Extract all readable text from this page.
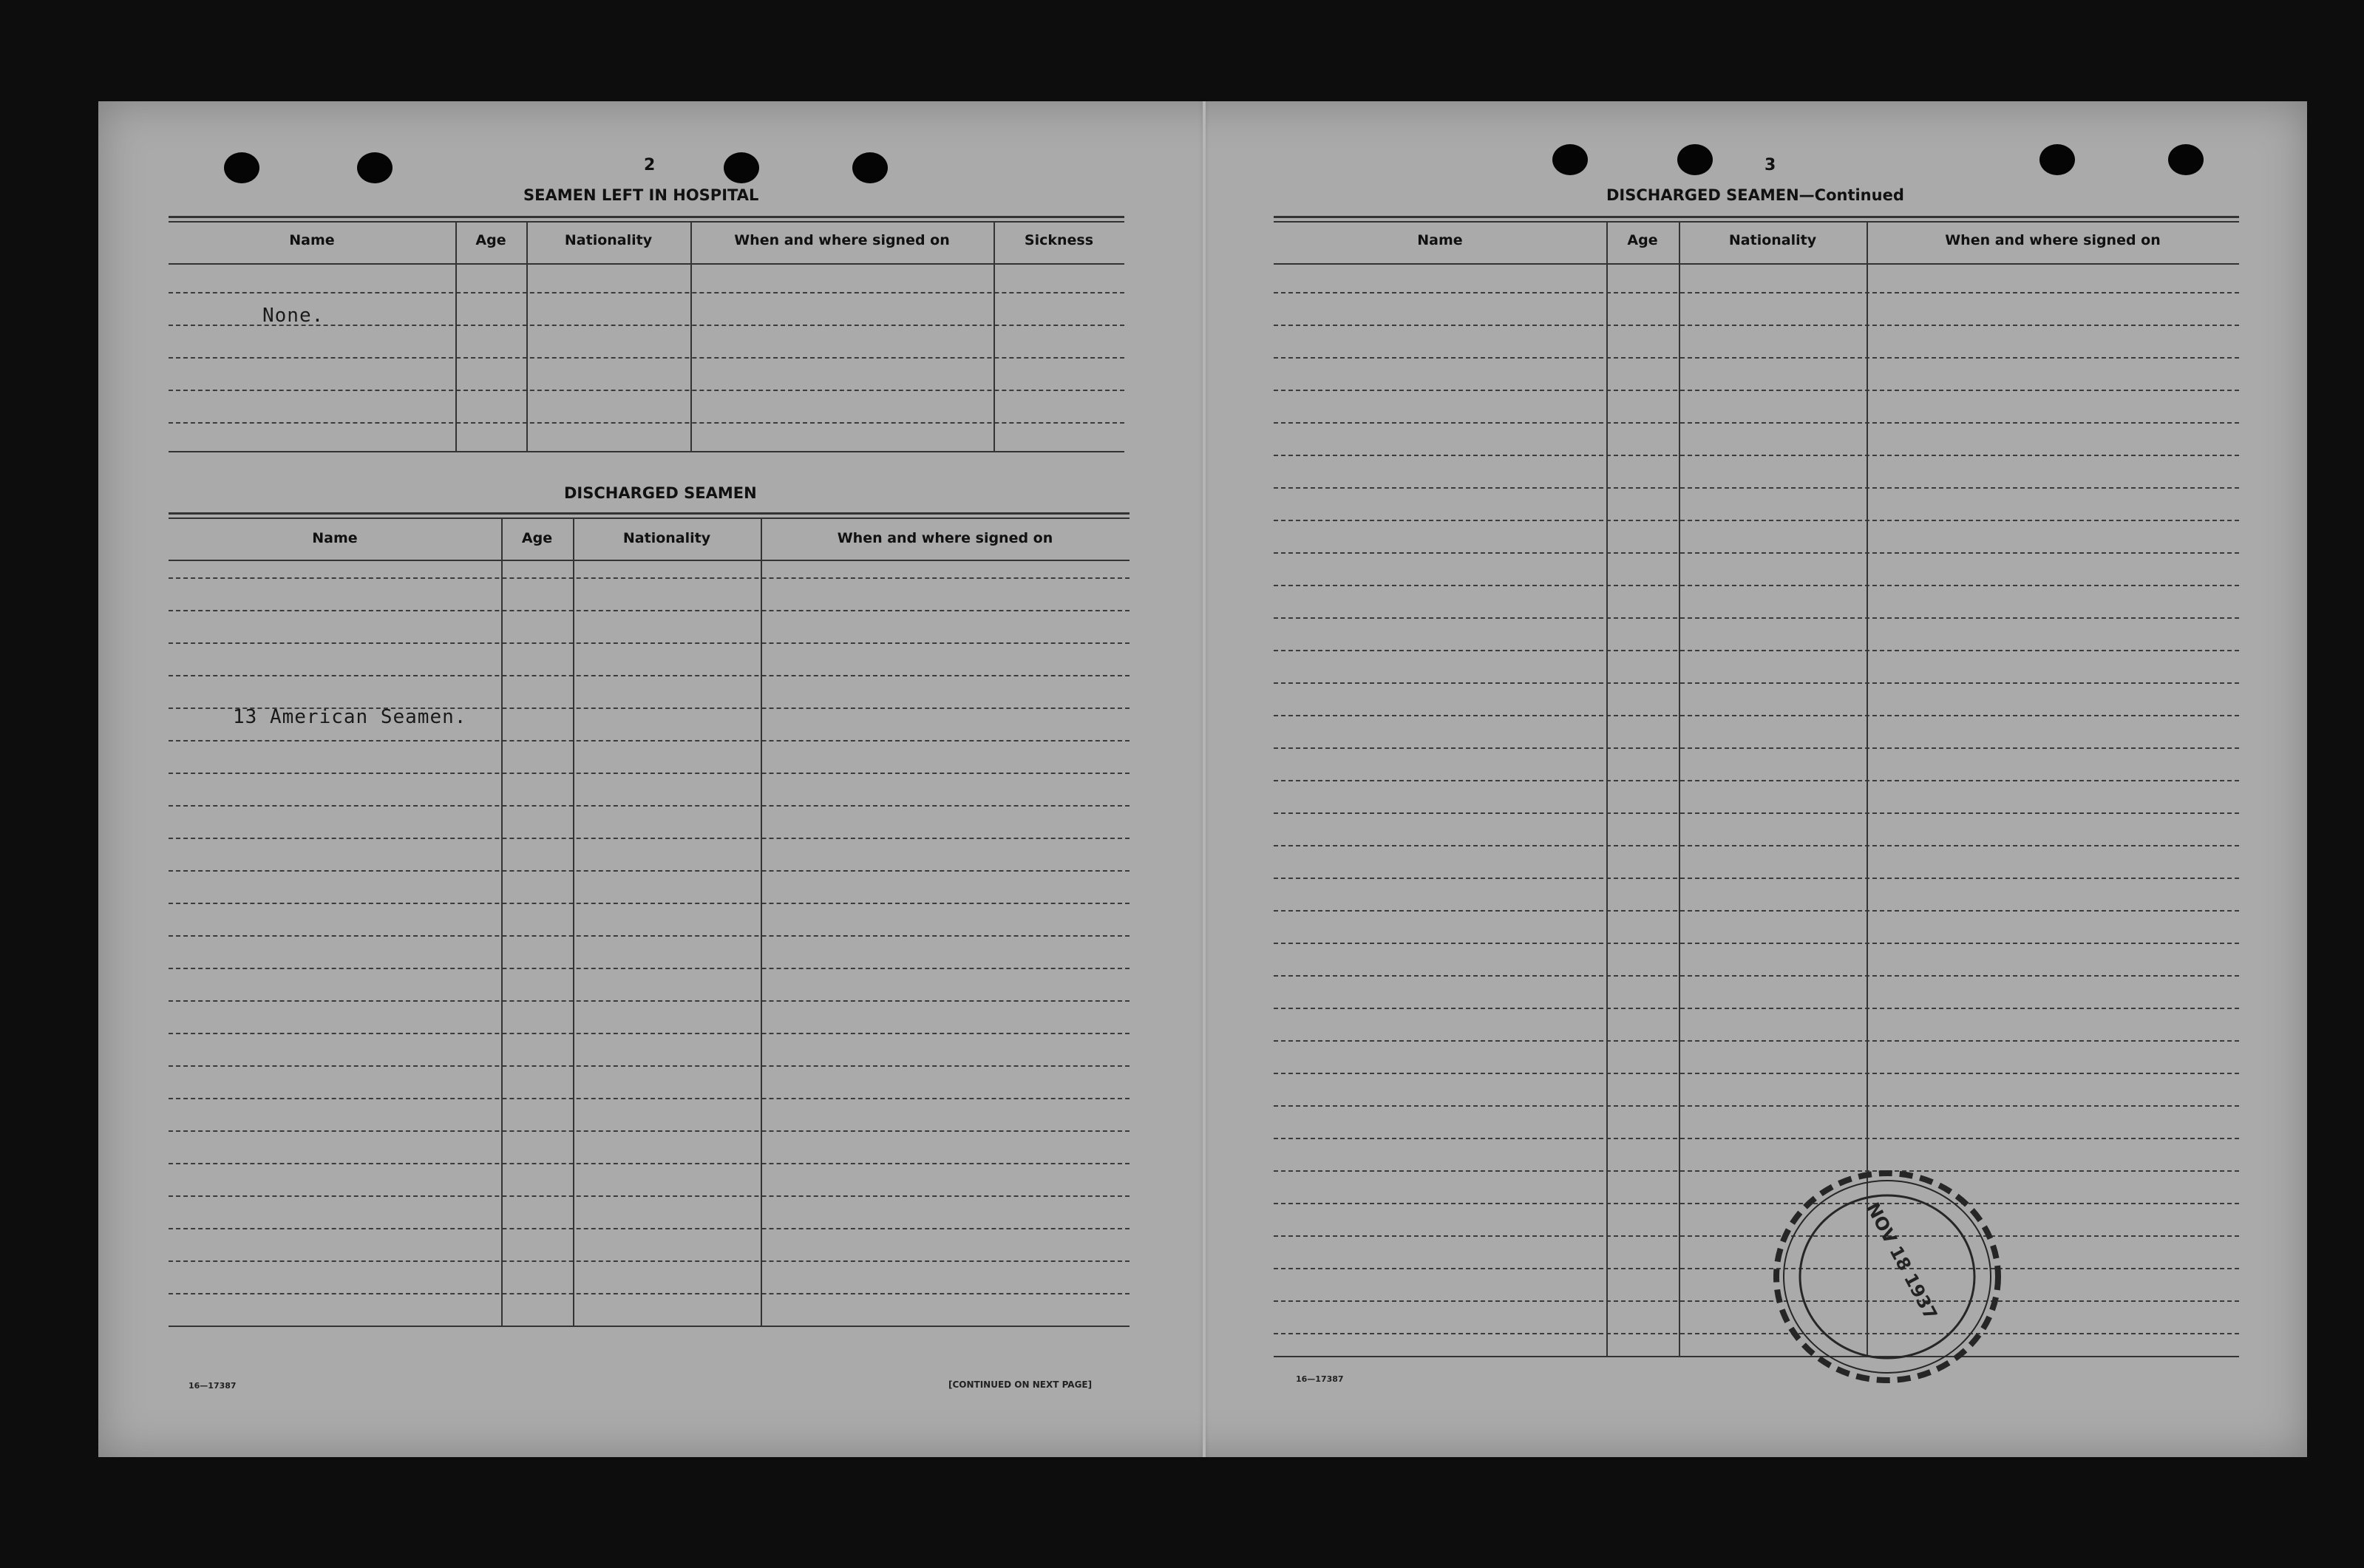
2
SEAMEN LEFT IN HOSPITAL
Name	Age	Nationality	When and where signed on	Sickness
None.
DISCHARGED SEAMEN
Name	Age	Nationality	When and where signed on
13 American Seamen.
16—17387	[CONTINUED ON NEXT PAGE]
3
DISCHARGED SEAMEN—Continued
Name	Age	Nationality	When and where signed on
16—17387
NOV 18 1937
